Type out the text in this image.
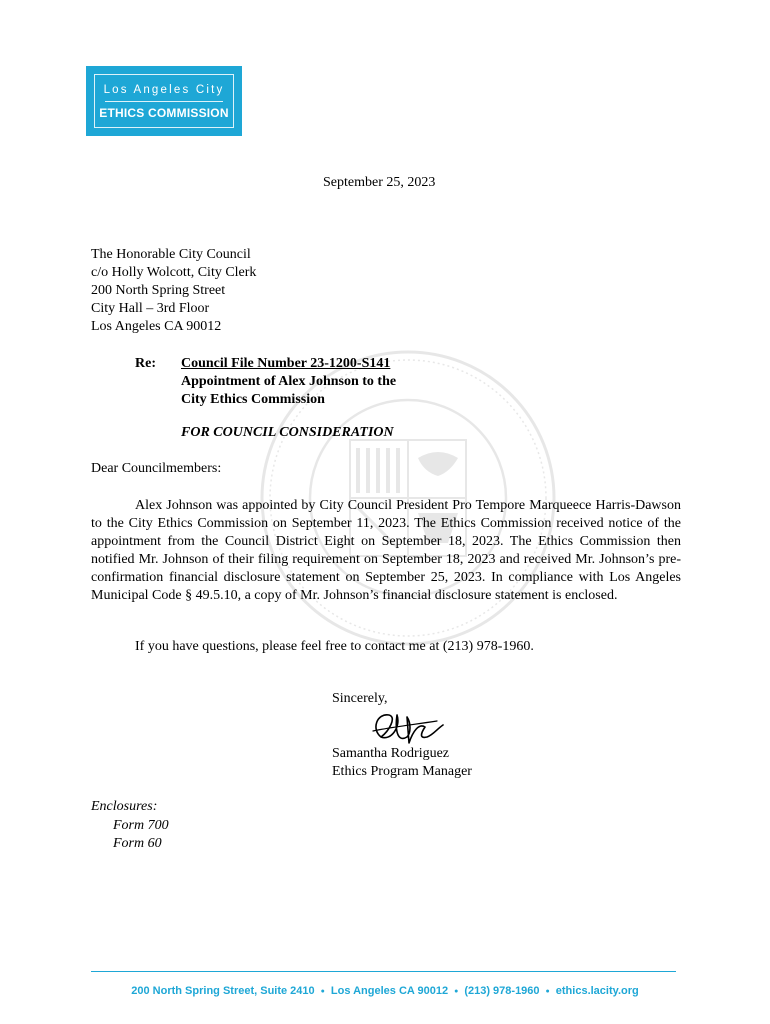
Los Angeles City
ETHICS COMMISSION
September 25, 2023
The Honorable City Council
c/o Holly Wolcott, City Clerk
200 North Spring Street
City Hall – 3rd Floor
Los Angeles CA 90012
Re: Council File Number 23-1200-S141
Appointment of Alex Johnson to the
City Ethics Commission
FOR COUNCIL CONSIDERATION
Dear Councilmembers:

Alex Johnson was appointed by City Council President Pro Tempore Marqueece Harris-Dawson to the City Ethics Commission on September 11, 2023. The Ethics Commission received notice of the appointment from the Council District Eight on September 18, 2023. The Ethics Commission then notified Mr. Johnson of their filing requirement on September 18, 2023 and received Mr. Johnson’s pre-confirmation financial disclosure statement on September 25, 2023. In compliance with Los Angeles Municipal Code § 49.5.10, a copy of Mr. Johnson’s financial disclosure statement is enclosed.

If you have questions, please feel free to contact me at (213) 978-1960.
Sincerely,
Samantha Rodriguez
Ethics Program Manager
Enclosures:
Form 700
Form 60
200 North Spring Street, Suite 2410 ● Los Angeles CA 90012 ● (213) 978-1960 ● ethics.lacity.org
